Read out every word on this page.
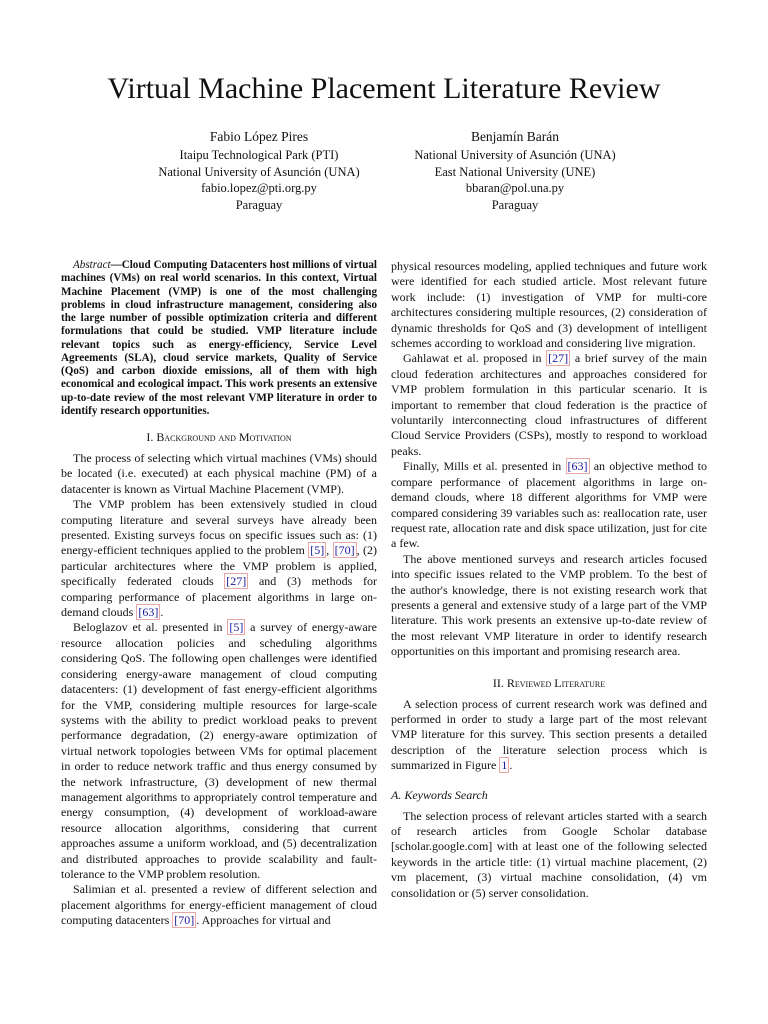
Virtual Machine Placement Literature Review
Fabio López Pires
Itaipu Technological Park (PTI)
National University of Asunción (UNA)
fabio.lopez@pti.org.py
Paraguay
Benjamín Barán
National University of Asunción (UNA)
East National University (UNE)
bbaran@pol.una.py
Paraguay

Abstract—Cloud Computing Datacenters host millions of virtual machines (VMs) on real world scenarios. In this context, Virtual Machine Placement (VMP) is one of the most challenging problems in cloud infrastructure management, considering also the large number of possible optimization criteria and different formulations that could be studied. VMP literature include relevant topics such as energy-efficiency, Service Level Agreements (SLA), cloud service markets, Quality of Service (QoS) and carbon dioxide emissions, all of them with high economical and ecological impact. This work presents an extensive up-to-date review of the most relevant VMP literature in order to identify research opportunities.

I. Background and Motivation

The process of selecting which virtual machines (VMs) should be located (i.e. executed) at each physical machine (PM) of a datacenter is known as Virtual Machine Placement (VMP).

The VMP problem has been extensively studied in cloud computing literature and several surveys have already been presented. Existing surveys focus on specific issues such as: (1) energy-efficient techniques applied to the problem [5] , [70] , (2) particular architectures where the VMP problem is applied, specifically federated clouds [27] and (3) methods for comparing performance of placement algorithms in large on-demand clouds [63] .

Beloglazov et al. presented in [5] a survey of energy-aware resource allocation policies and scheduling algorithms considering QoS. The following open challenges were identified considering energy-aware management of cloud computing datacenters: (1) development of fast energy-efficient algorithms for the VMP, considering multiple resources for large-scale systems with the ability to predict workload peaks to prevent performance degradation, (2) energy-aware optimization of virtual network topologies between VMs for optimal placement in order to reduce network traffic and thus energy consumed by the network infrastructure, (3) development of new thermal management algorithms to appropriately control temperature and energy consumption, (4) development of workload-aware resource allocation algorithms, considering that current approaches assume a uniform workload, and (5) decentralization and distributed approaches to provide scalability and fault-tolerance to the VMP problem resolution.

Salimian et al. presented a review of different selection and placement algorithms for energy-efficient management of cloud computing datacenters [70] . Approaches for virtual and

physical resources modeling, applied techniques and future work were identified for each studied article. Most relevant future work include: (1) investigation of VMP for multi-core architectures considering multiple resources, (2) consideration of dynamic thresholds for QoS and (3) development of intelligent schemes according to workload and considering live migration.

Gahlawat et al. proposed in [27] a brief survey of the main cloud federation architectures and approaches considered for VMP problem formulation in this particular scenario. It is important to remember that cloud federation is the practice of voluntarily interconnecting cloud infrastructures of different Cloud Service Providers (CSPs), mostly to respond to workload peaks.

Finally, Mills et al. presented in [63] an objective method to compare performance of placement algorithms in large on-demand clouds, where 18 different algorithms for VMP were compared considering 39 variables such as: reallocation rate, user request rate, allocation rate and disk space utilization, just for cite a few.

The above mentioned surveys and research articles focused into specific issues related to the VMP problem. To the best of the author's knowledge, there is not existing research work that presents a general and extensive study of a large part of the VMP literature. This work presents an extensive up-to-date review of the most relevant VMP literature in order to identify research opportunities on this important and promising research area.

II. Reviewed Literature

A selection process of current research work was defined and performed in order to study a large part of the most relevant VMP literature for this survey. This section presents a detailed description of the literature selection process which is summarized in Figure 1 .

A. Keywords Search

The selection process of relevant articles started with a search of research articles from Google Scholar database [scholar.google.com] with at least one of the following selected keywords in the article title: (1) virtual machine placement, (2) vm placement, (3) virtual machine consolidation, (4) vm consolidation or (5) server consolidation.
